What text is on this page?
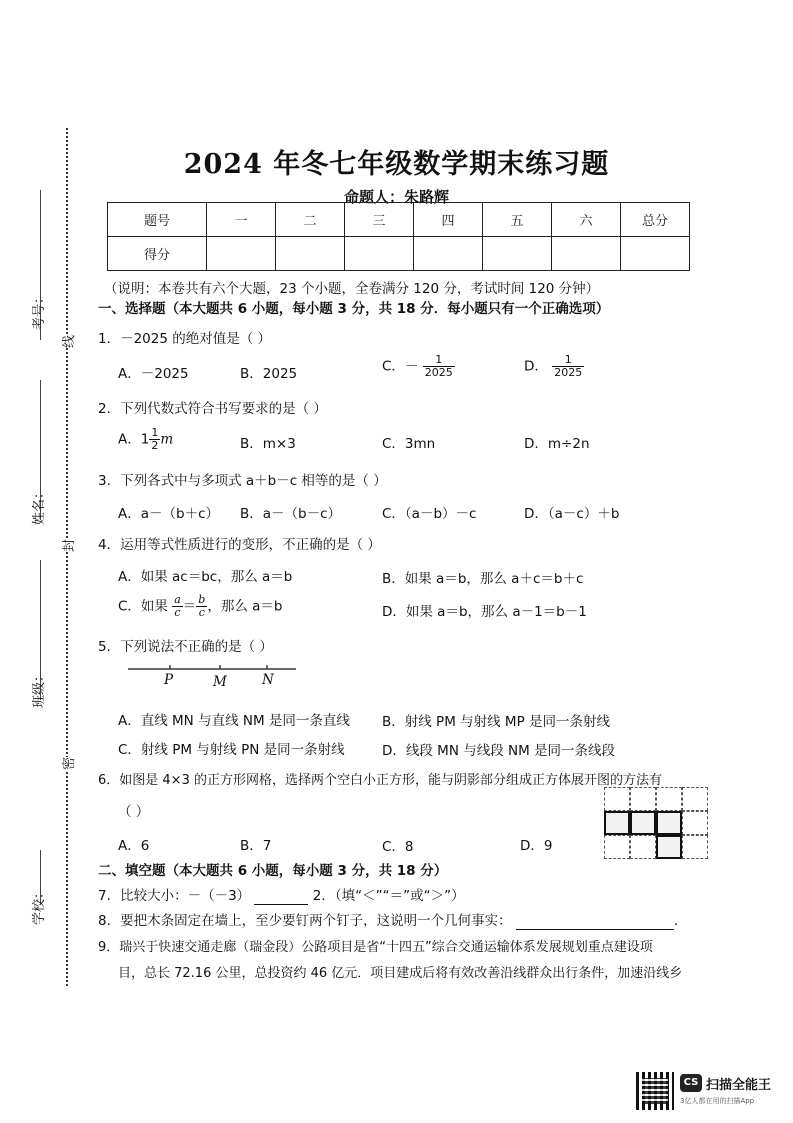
考号：
姓名：
班级：
学校：
线
封
密
2024 年冬七年级数学期末练习题
命题人：朱路辉
题号	一	二	三	四	五	六	总分
得分							
（说明：本卷共有六个大题，23 个小题，全卷满分 120 分，考试时间 120 分钟）
一、选择题（本大题共 6 小题，每小题 3 分，共 18 分．每小题只有一个正确选项）
1．－2025 的绝对值是（ ）
A．－2025	B．2025	C．－ $\frac{1}{2025}$	D． $\frac{1}{2025}$
2．下列代数式符合书写要求的是（ ）
A．$1 \frac{1}{2}$ m	B．m×3	C．3mn	D．m÷2n
3．下列各式中与多项式 a＋b－c 相等的是（ ）
A．a－（b＋c） B．a－（b－c）	C．（a－b）－c	D．（a－c）＋b
4．运用等式性质进行的变形，不正确的是（ ）
A．如果 ac＝bc，那么 a＝b	B．如果 a＝b，那么 a＋c＝b＋c
C．如果 $\frac{a}{c} = \frac{b}{c}$ ，那么 a＝b	D．如果 a＝b，那么 a－1＝b－1
5．下列说法不正确的是（ ）
P	M	N
A．直线 MN 与直线 NM 是同一条直线 B．射线 PM 与射线 MP 是同一条射线
C．射线 PM 与射线 PN 是同一条射线	D．线段 MN 与线段 NM 是同一条线段
6．如图是 4×3 的正方形网格，选择两个空白小正方形，能与阴影部分组成正方体展开图的方法有
（ ）
A．6	B．7	C．8	D．9
二、填空题（本大题共 6 小题，每小题 3 分，共 18 分）
7．比较大小：－（－3）	2．（填“＜”“＝”或“＞”）
8．要把木条固定在墙上，至少要钉两个钉子，这说明一个几何事实：	．
9．瑞兴于快速交通走廊（瑞金段）公路项目是省“十四五”综合交通运输体系发展规划重点建设项
目，总长 72.16 公里，总投资约 46 亿元．项目建成后将有效改善沿线群众出行条件，加速沿线乡
CS 扫描全能王
3亿人都在用的扫描App
